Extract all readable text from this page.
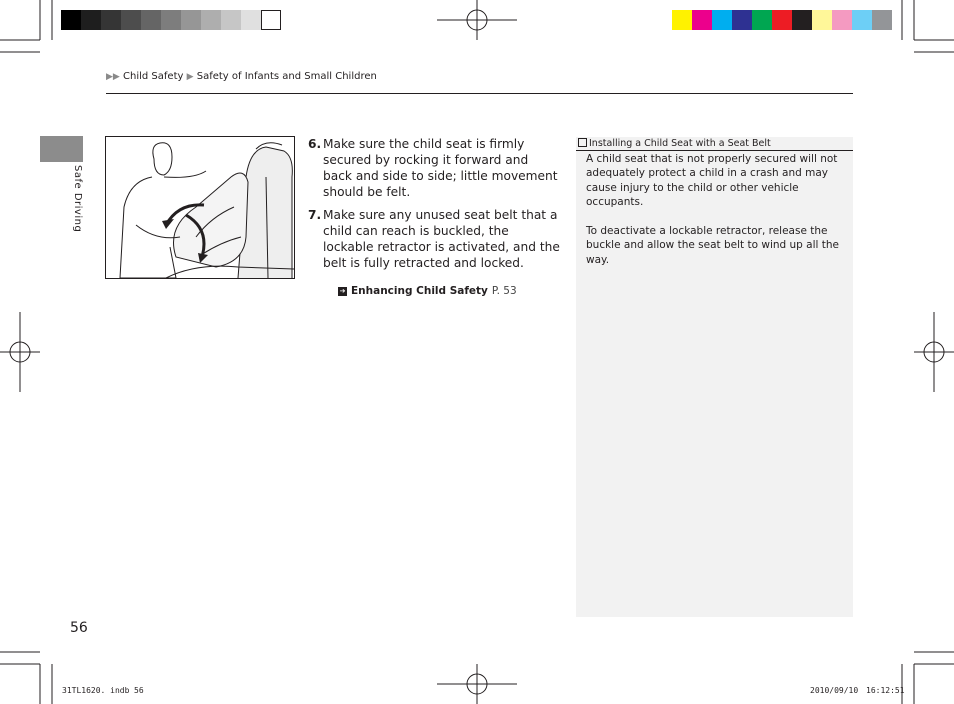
▶▶ Child Safety ▶ Safety of Infants and Small Children
Safe Driving
6. Make sure the child seat is firmly secured by rocking it forward and back and side to side; little movement should be felt.
7. Make sure any unused seat belt that a child can reach is buckled, the lockable retractor is activated, and the belt is fully retracted and locked.
➔ Enhancing Child Safety P. 53
Installing a Child Seat with a Seat Belt

A child seat that is not properly secured will not adequately protect a child in a crash and may cause injury to the child or other vehicle occupants.

To deactivate a lockable retractor, release the buckle and allow the seat belt to wind up all the way.

56
31TL1620. indb 56	2010/09/10 16:12:51
